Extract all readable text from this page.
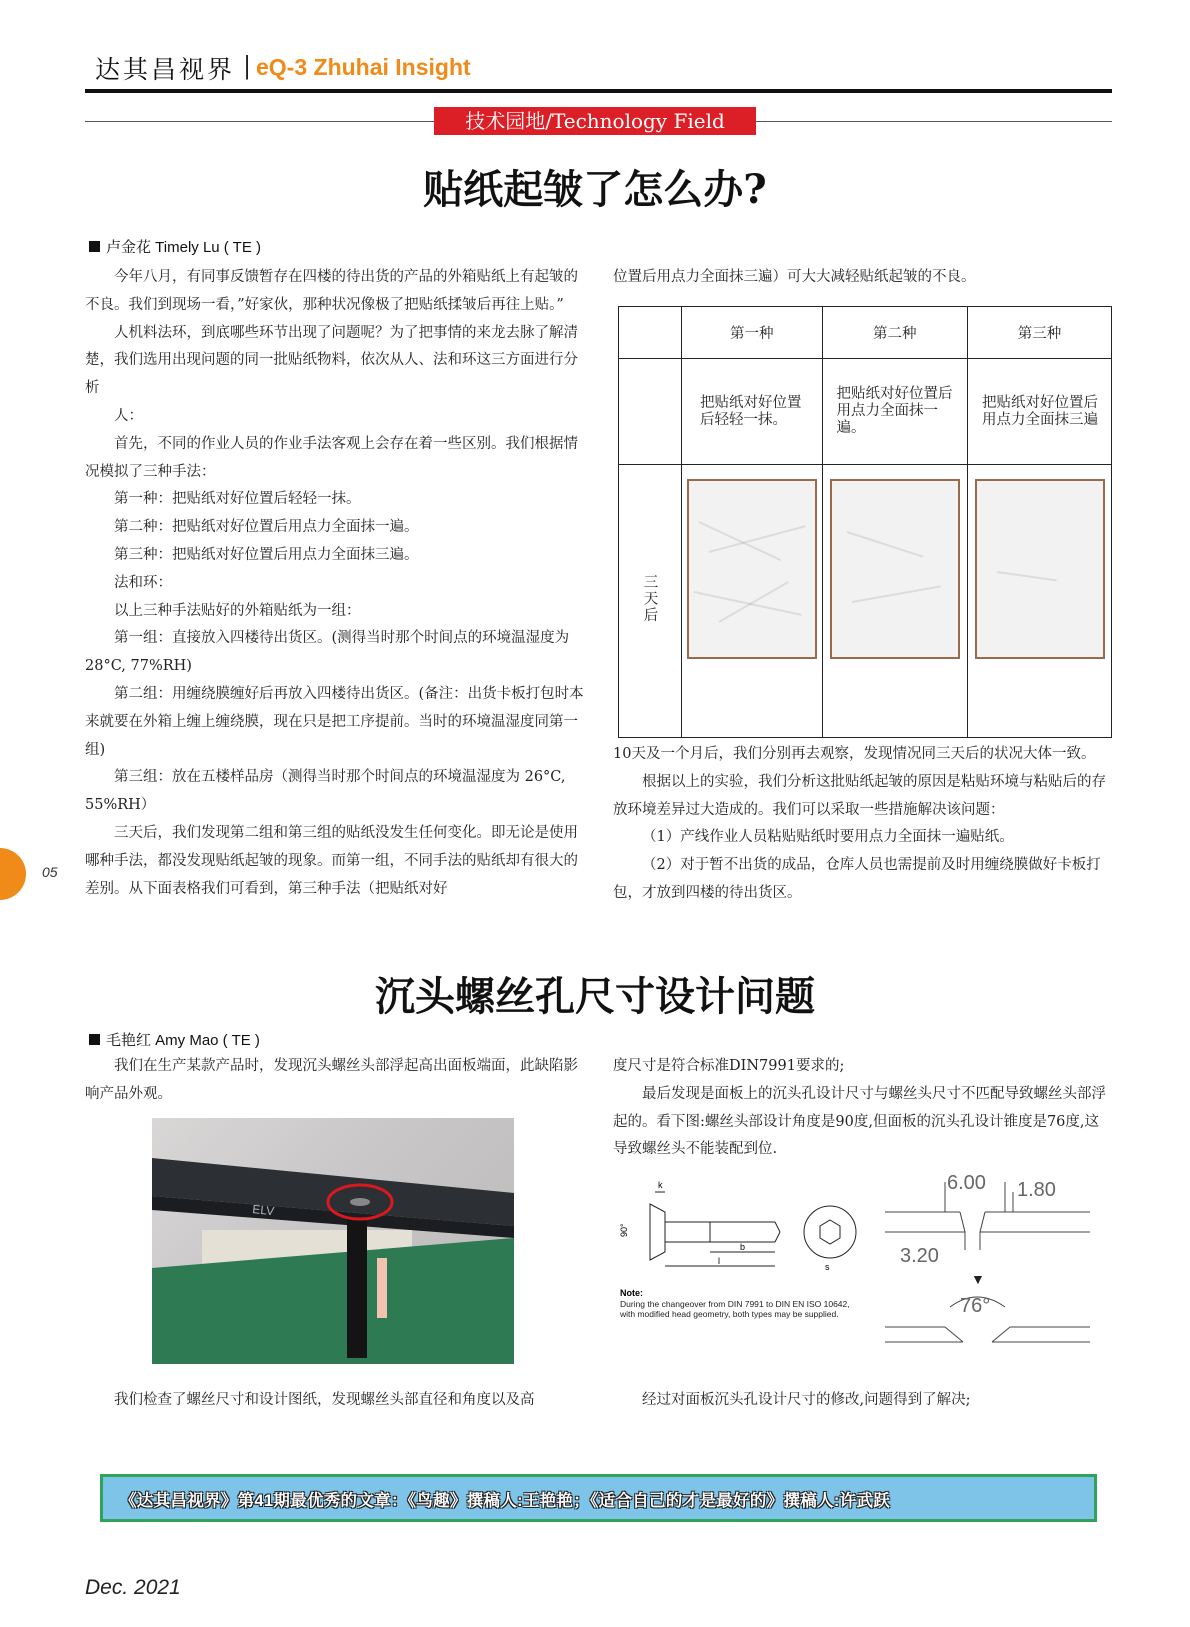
达其昌视界 | eQ-3 Zhuhai Insight
技术园地/Technology Field
贴纸起皱了怎么办?
卢金花 Timely Lu ( TE )

今年八月，有同事反馈暂存在四楼的待出货的产品的外箱贴纸上有起皱的不良。我们到现场一看，”好家伙，那种状况像极了把贴纸揉皱后再往上贴。”

人机料法环，到底哪些环节出现了问题呢？为了把事情的来龙去脉了解清楚，我们选用出现问题的同一批贴纸物料，依次从人、法和环这三方面进行分析

人：

首先，不同的作业人员的作业手法客观上会存在着一些区别。我们根据情况模拟了三种手法：

第一种：把贴纸对好位置后轻轻一抹。

第二种：把贴纸对好位置后用点力全面抹一遍。

第三种：把贴纸对好位置后用点力全面抹三遍。

法和环：

以上三种手法贴好的外箱贴纸为一组：

第一组：直接放入四楼待出货区。(测得当时那个时间点的环境温湿度为 28°C, 77%RH)

第二组：用缠绕膜缠好后再放入四楼待出货区。(备注：出货卡板打包时本来就要在外箱上缠上缠绕膜，现在只是把工序提前。当时的环境温湿度同第一组)

第三组：放在五楼样品房（测得当时那个时间点的环境温湿度为 26°C, 55%RH）

三天后，我们发现第二组和第三组的贴纸没发生任何变化。即无论是使用哪种手法，都没发现贴纸起皱的现象。而第一组，不同手法的贴纸却有很大的差别。从下面表格我们可看到，第三种手法（把贴纸对好

位置后用点力全面抹三遍）可大大减轻贴纸起皱的不良。

	第一种	第二种	第三种
	把贴纸对好位置后轻轻一抹。	把贴纸对好位置后用点力全面抹一遍。	把贴纸对好位置后用点力全面抹三遍
三天后	

10天及一个月后，我们分别再去观察，发现情况同三天后的状况大体一致。

根据以上的实验，我们分析这批贴纸起皱的原因是粘贴环境与粘贴后的存放环境差异过大造成的。我们可以采取一些措施解决该问题：

（1）产线作业人员粘贴贴纸时要用点力全面抹一遍贴纸。

（2）对于暂不出货的成品，仓库人员也需提前及时用缠绕膜做好卡板打包，才放到四楼的待出货区。

沉头螺丝孔尺寸设计问题
毛艳红 Amy Mao ( TE )

我们在生产某款产品时，发现沉头螺丝头部浮起高出面板端面，此缺陷影响产品外观。

ELV

我们检查了螺丝尺寸和设计图纸，发现螺丝头部直径和角度以及高

度尺寸是符合标准DIN7991要求的;

最后发现是面板上的沉头孔设计尺寸与螺丝头尺寸不匹配导致螺丝头部浮起的。看下图:螺丝头部设计角度是90度,但面板的沉头孔设计锥度是76度,这导致螺丝头不能装配到位.

90°
k
b
l
s
Note:
During the changeover from DIN 7991 to DIN EN ISO 10642, with modified head geometry, both types may be supplied.
6.00 1.80
3.20
▼
76°

经过对面板沉头孔设计尺寸的修改,问题得到了解决;

《达其昌视界》第41期最优秀的文章：《鸟趣》撰稿人:王艳艳；《适合自己的才是最好的》撰稿人:许武跃
05
Dec. 2021
